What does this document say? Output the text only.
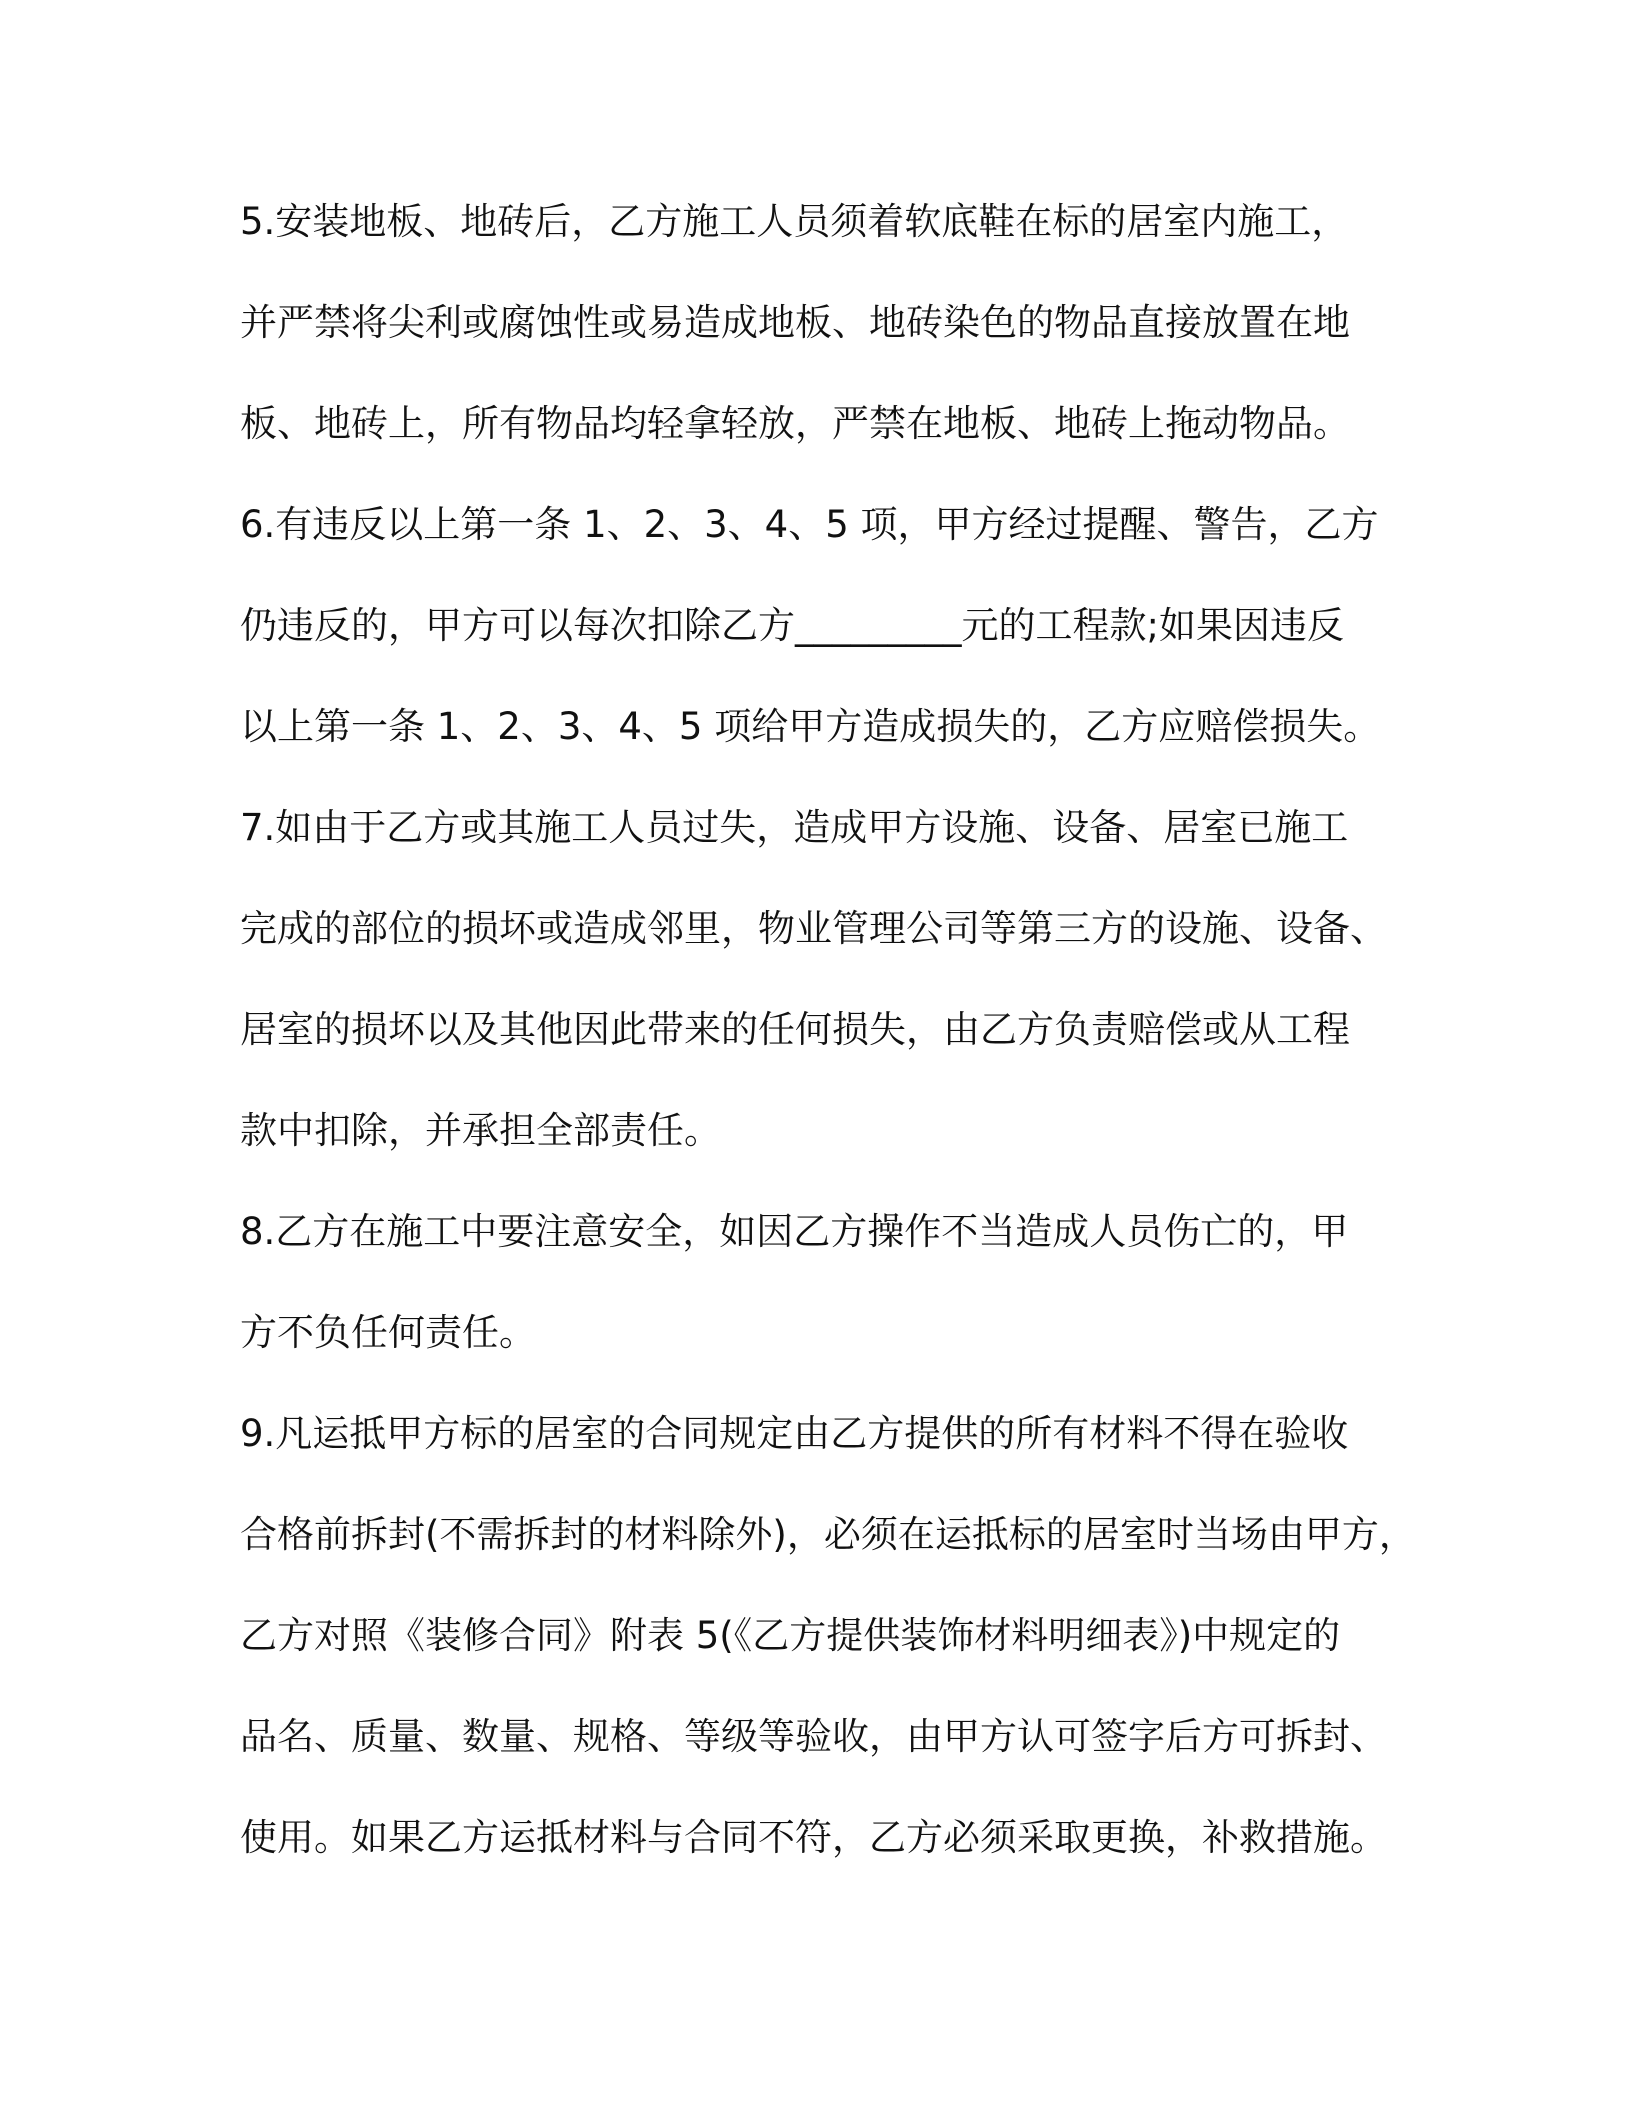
5.安装地板、地砖后，乙方施工人员须着软底鞋在标的居室内施工，
并严禁将尖利或腐蚀性或易造成地板、地砖染色的物品直接放置在地
板、地砖上，所有物品均轻拿轻放，严禁在地板、地砖上拖动物品。
6.有违反以上第一条 1、2、3、4、5 项，甲方经过提醒、警告，乙方
仍违反的，甲方可以每次扣除乙方_________元的工程款;如果因违反
以上第一条 1、2、3、4、5 项给甲方造成损失的，乙方应赔偿损失。
7.如由于乙方或其施工人员过失，造成甲方设施、设备、居室已施工
完成的部位的损坏或造成邻里，物业管理公司等第三方的设施、设备、
居室的损坏以及其他因此带来的任何损失，由乙方负责赔偿或从工程
款中扣除，并承担全部责任。
8.乙方在施工中要注意安全，如因乙方操作不当造成人员伤亡的，甲
方不负任何责任。
9.凡运抵甲方标的居室的合同规定由乙方提供的所有材料不得在验收
合格前拆封(不需拆封的材料除外)，必须在运抵标的居室时当场由甲方，
乙方对照《装修合同》附表 5(《乙方提供装饰材料明细表》)中规定的
品名、质量、数量、规格、等级等验收，由甲方认可签字后方可拆封、
使用。如果乙方运抵材料与合同不符，乙方必须采取更换，补救措施。
